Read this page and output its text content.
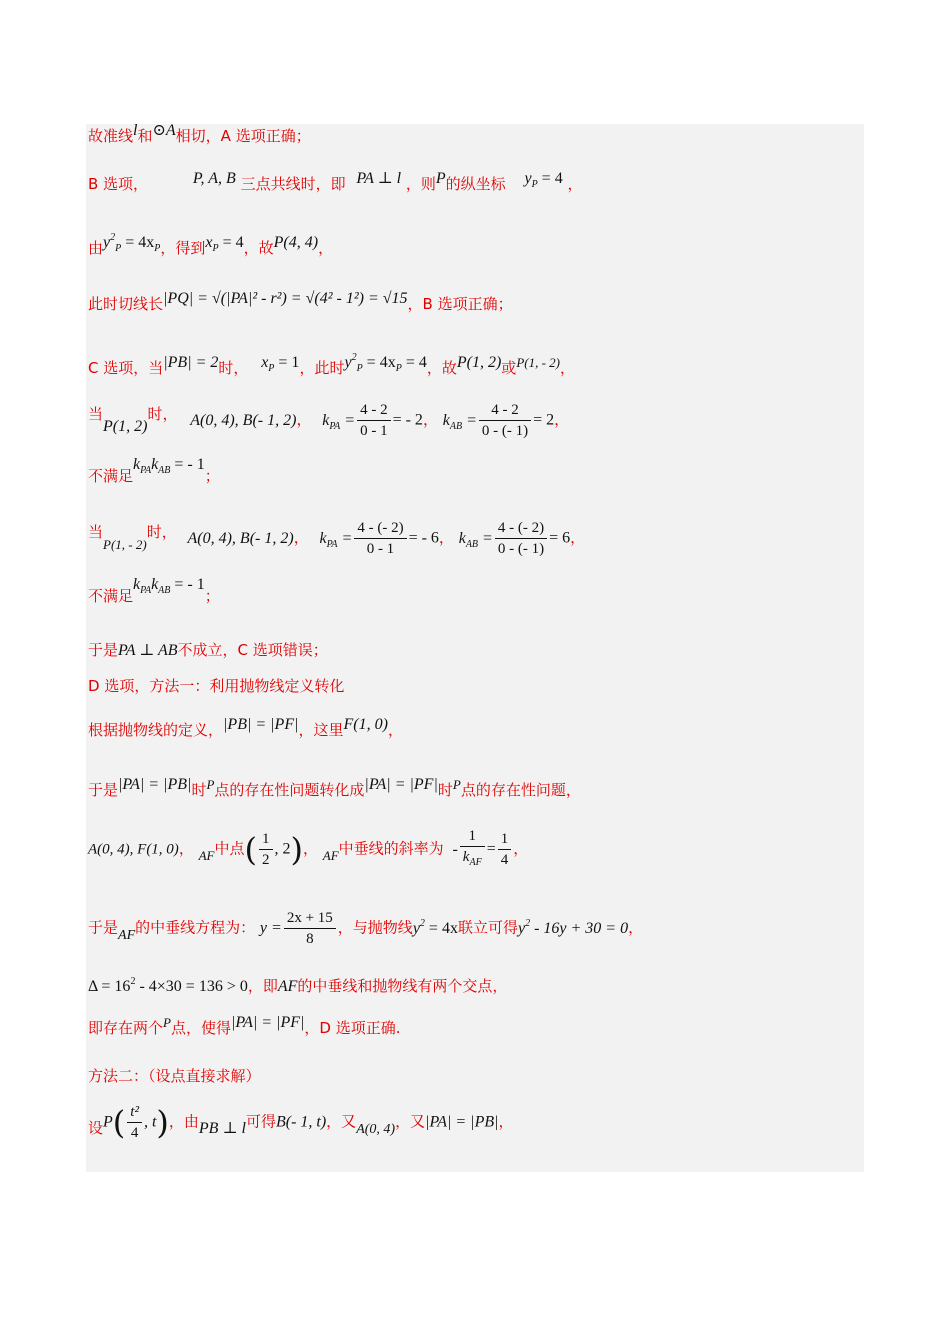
故准线l和⊙A相切，A 选项正确；
B 选项，	P, A, B 三点共线时，即 PA ⊥ l ，则P的纵坐标 $y_P = 4$ ，
由$y^2_P = 4x_P$，得到$x_P = 4$，故P(4, 4)，
此时切线长|PQ| = √(|PA|² - r²) = √(4² - 1²) = √15，B 选项正确；
C 选项，当|PB| = 2时， $x_P = 1$，此时$y^2_P = 4x_P = 4$，故P(1, 2)或P(1, - 2)，
当P(1, 2)时， A(0, 4), B(- 1, 2)， $k_{PA} = \frac{4 - 2}{0 - 1}$ = - 2， $k_{AB} = \frac{4 - 2}{0 - (- 1)} = 2$，
不满足$k_{PA}k_{AB}$ = - 1；
当P(1, - 2)时， A(0, 4), B(- 1, 2)， $k_{PA} = \frac{4 - (- 2)}{0 - 1}$ = - 6， $k_{AB} = \frac{4 - (- 2)}{0 - (- 1)} = 6$，
不满足$k_{PA}k_{AB}$ = - 1；
于是PA ⊥ AB不成立，C 选项错误；
D 选项，方法一：利用抛物线定义转化
根据抛物线的定义，|PB| = |PF|，这里F(1, 0)，
于是|PA| = |PB|时P点的存在性问题转化成|PA| = |PF|时P点的存在性问题，
A(0, 4), F(1, 0)， AF中点( $\frac{1}{2}$ , 2)， AF中垂线的斜率为 - $\frac{1}{k_{AF}} = \frac{1}{4}$ ，
于是AF的中垂线方程为： $y = \frac{2x + 15}{8}$ ，与抛物线$y^2 = 4x$联立可得$y^2 - 16y + 30 = 0$，
$\Delta = 16^2 - 4\times 30 = 136 > 0$，即AF的中垂线和抛物线有两个交点，
即存在两个P点，使得|PA| = |PF|，D 选项正确.
方法二：（设点直接求解）
设$P( \frac{\text{t²}}{4}$ , t)，由PB ⊥ l可得B(- 1, t)，又A(0, 4)，又|PA| = |PB|，
